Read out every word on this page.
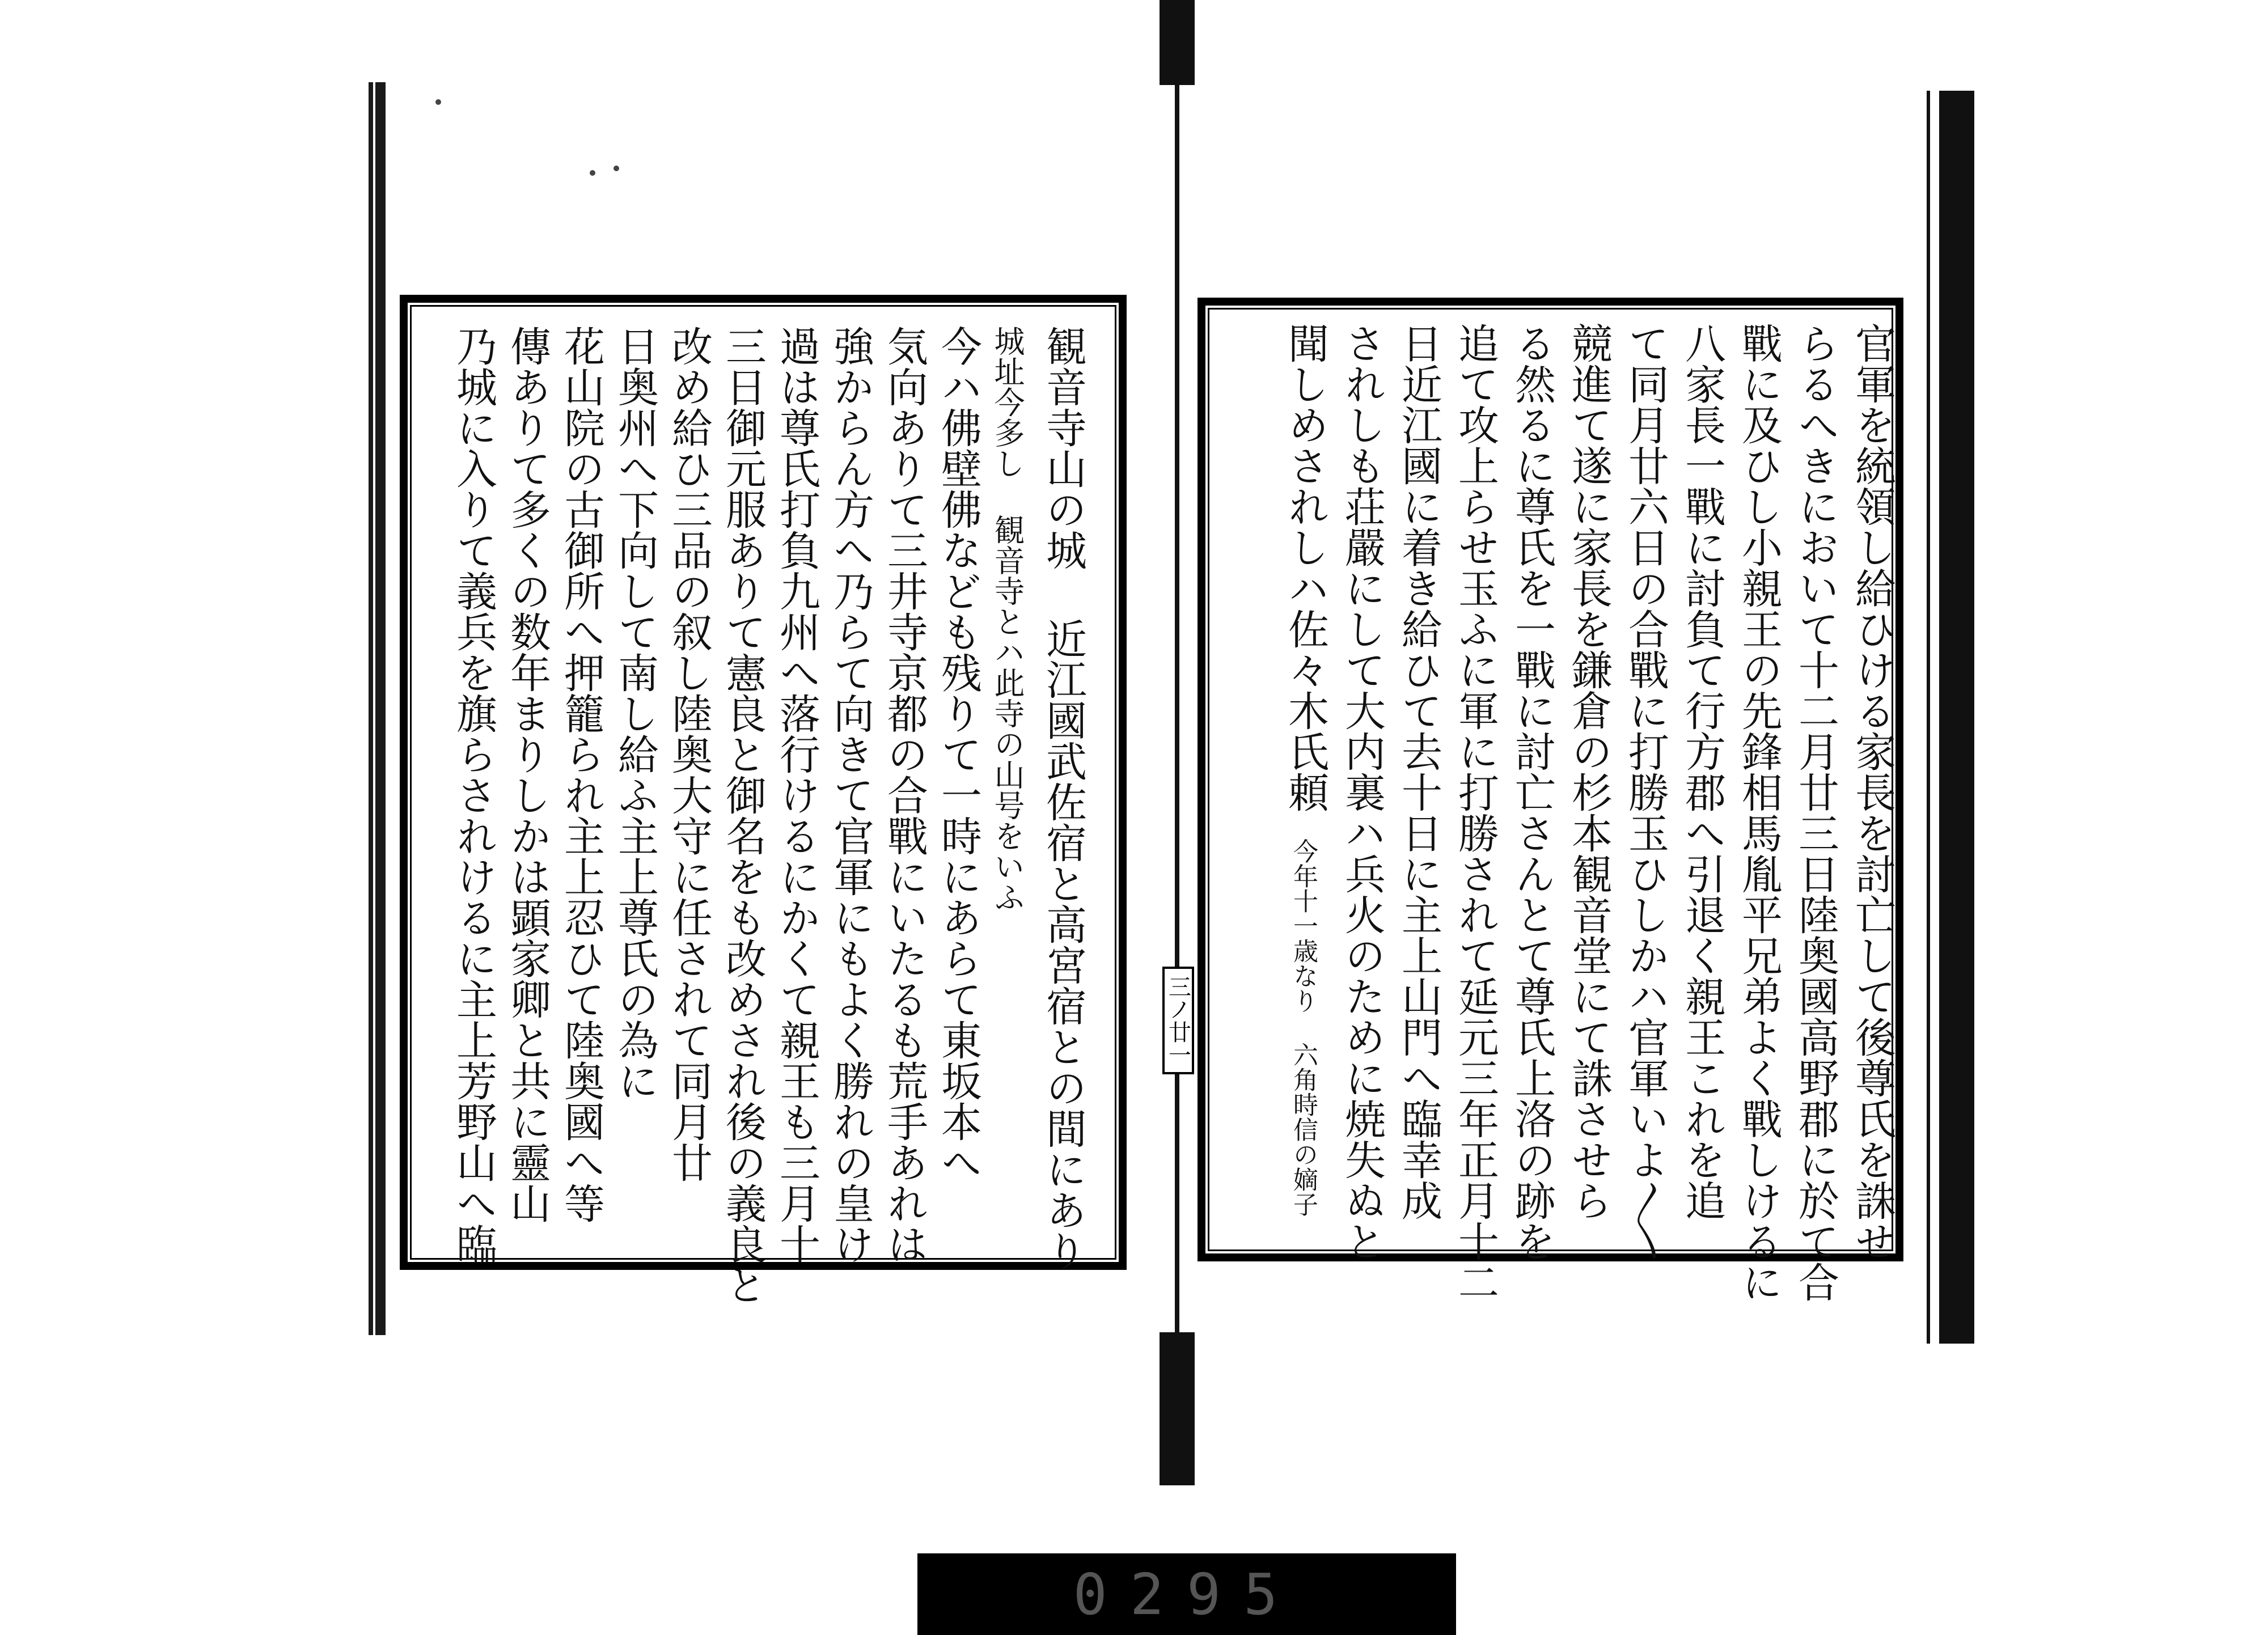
官軍を統領し給ひける家長を討亡して後尊氏を誅せ
らるへきにおいて十二月廿三日陸奥國高野郡に於て合
戰に及ひし小親王の先鋒相馬胤平兄弟よく戰しけるに
八家長一戰に討負て行方郡へ引退く親王これを追
て同月廿六日の合戰に打勝玉ひしかハ官軍いよ〳〵
競進て遂に家長を鎌倉の杉本観音堂にて誅させら
る然るに尊氏を一戰に討亡さんとて尊氏上洛の跡を
追て攻上らせ玉ふに軍に打勝されて延元三年正月十二
日近江國に着き給ひて去十日に主上山門へ臨幸成
されしも荘嚴にして大内裏ハ兵火のために焼失ぬと
聞しめされしハ佐々木氏頼
今年十一歳なり 六角時信の嫡子
観音寺山の城 近江國武佐宿と高宮宿との間にあり
城址今多し 観音寺とハ此寺の山号をいふ
今ハ佛壁佛なども残りて一時にあらて東坂本へ
気向ありて三井寺京都の合戰にいたるも荒手あれは
強からん方へ乃らて向きて官軍にもよく勝れの皇け
過は尊氏打負九州へ落行けるにかくて親王も三月十
三日御元服ありて憲良と御名をも改めされ後の義良と
改め給ひ三品の叙し陸奥大守に任されて同月廿
日奥州へ下向して南し給ふ主上尊氏の為に
花山院の古御所へ押籠られ主上忍ひて陸奥國へ等
傳ありて多くの数年まりしかは顕家卿と共に靈山
乃城に入りて義兵を旗らされけるに主上芳野山へ臨	三ノ廿一
0295
